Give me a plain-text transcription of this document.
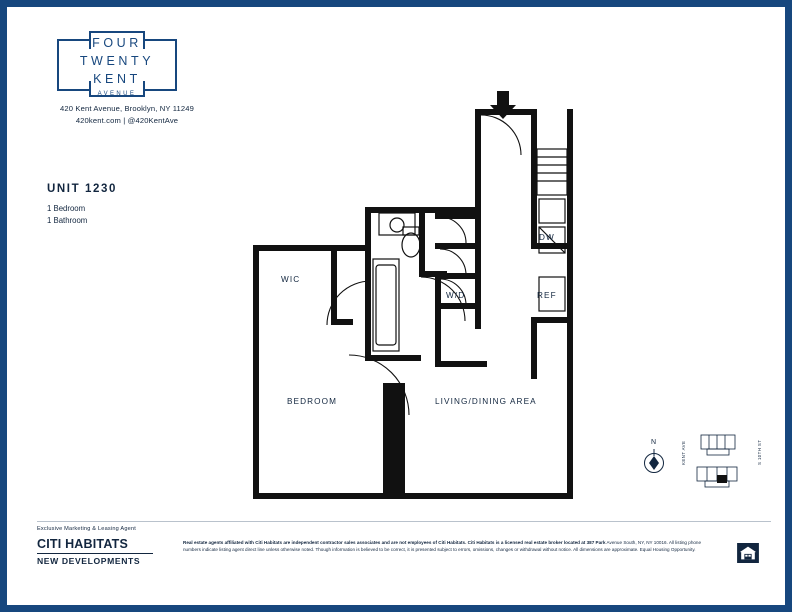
FOUR
TWENTY
KENT
AVENUE
420 Kent Avenue, Brooklyn, NY 11249
420kent.com | @420KentAve
UNIT 1230
1 Bedroom
1 Bathroom
WIC
DW
REF
W/D
BEDROOM	LIVING/DINING AREA
N	KENT AVE	S 10TH ST
Exclusive Marketing & Leasing Agent
CITI HABITATS
NEW DEVELOPMENTS
Real estate agents affiliated with Citi Habitats are independent contractor sales associates and are not employees of Citi Habitats. Citi Habitats is a licensed real estate broker located at 387 Park Avenue South, NY, NY 10016. All listing phone numbers indicate listing agent direct line unless otherwise noted. Though information is believed to be correct, it is presented subject to errors, omissions, changes or withdrawal without notice. All dimensions are approximate. Equal Housing Opportunity.
